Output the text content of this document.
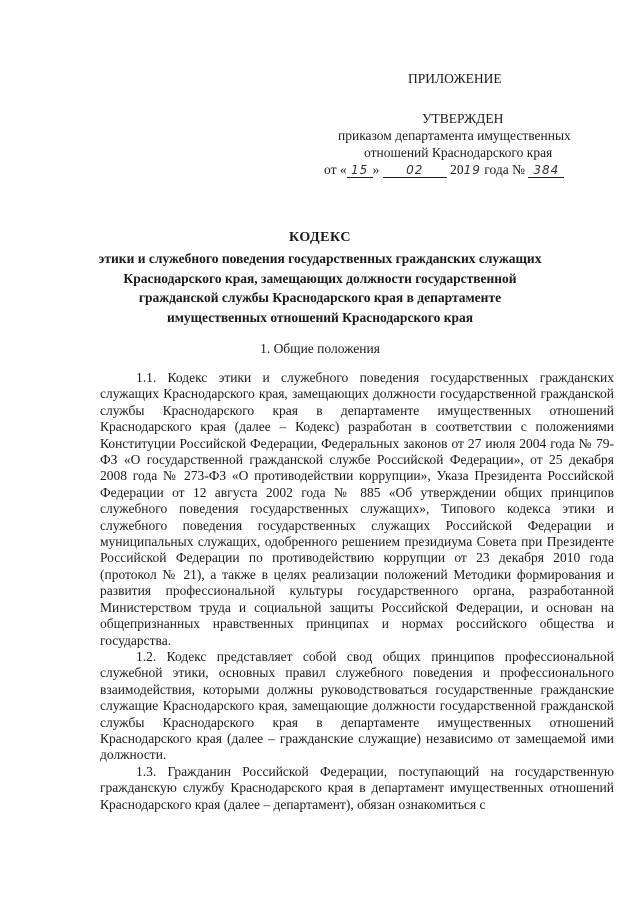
ПРИЛОЖЕНИЕ
УТВЕРЖДЕН
приказом департамента имущественных
отношений Краснодарского края
от « 15 » 02 2019 года № 384
КОДЕКС
этики и служебного поведения государственных гражданских служащих
Краснодарского края, замещающих должности государственной
гражданской службы Краснодарского края в департаменте
имущественных отношений Краснодарского края
1. Общие положения

1.1. Кодекс этики и служебного поведения государственных гражданских служащих Краснодарского края, замещающих должности государственной гражданской службы Краснодарского края в департаменте имущественных отношений Краснодарского края (далее – Кодекс) разработан в соответствии с положениями Конституции Российской Федерации, Федеральных законов от 27 июля 2004 года № 79-ФЗ «О государственной гражданской службе Российской Федерации», от 25 декабря 2008 года № 273-ФЗ «О противодействии коррупции», Указа Президента Российской Федерации от 12 августа 2002 года № 885 «Об утверждении общих принципов служебного поведения государственных служащих», Типового кодекса этики и служебного поведения государственных служащих Российской Федерации и муниципальных служащих, одобренного решением президиума Совета при Президенте Российской Федерации по противодействию коррупции от 23 декабря 2010 года (протокол № 21), а также в целях реализации положений Методики формирования и развития профессиональной культуры государственного органа, разработанной Министерством труда и социальной защиты Российской Федерации, и основан на общепризнанных нравственных принципах и нормах российского общества и государства.

1.2. Кодекс представляет собой свод общих принципов профессиональной служебной этики, основных правил служебного поведения и профессионального взаимодействия, которыми должны руководствоваться государственные гражданские служащие Краснодарского края, замещающие должности государственной гражданской службы Краснодарского края в департаменте имущественных отношений Краснодарского края (далее – гражданские служащие) независимо от замещаемой ими должности.

1.3. Гражданин Российской Федерации, поступающий на государственную гражданскую службу Краснодарского края в департамент имущественных отношений Краснодарского края (далее – департамент), обязан ознакомиться с
